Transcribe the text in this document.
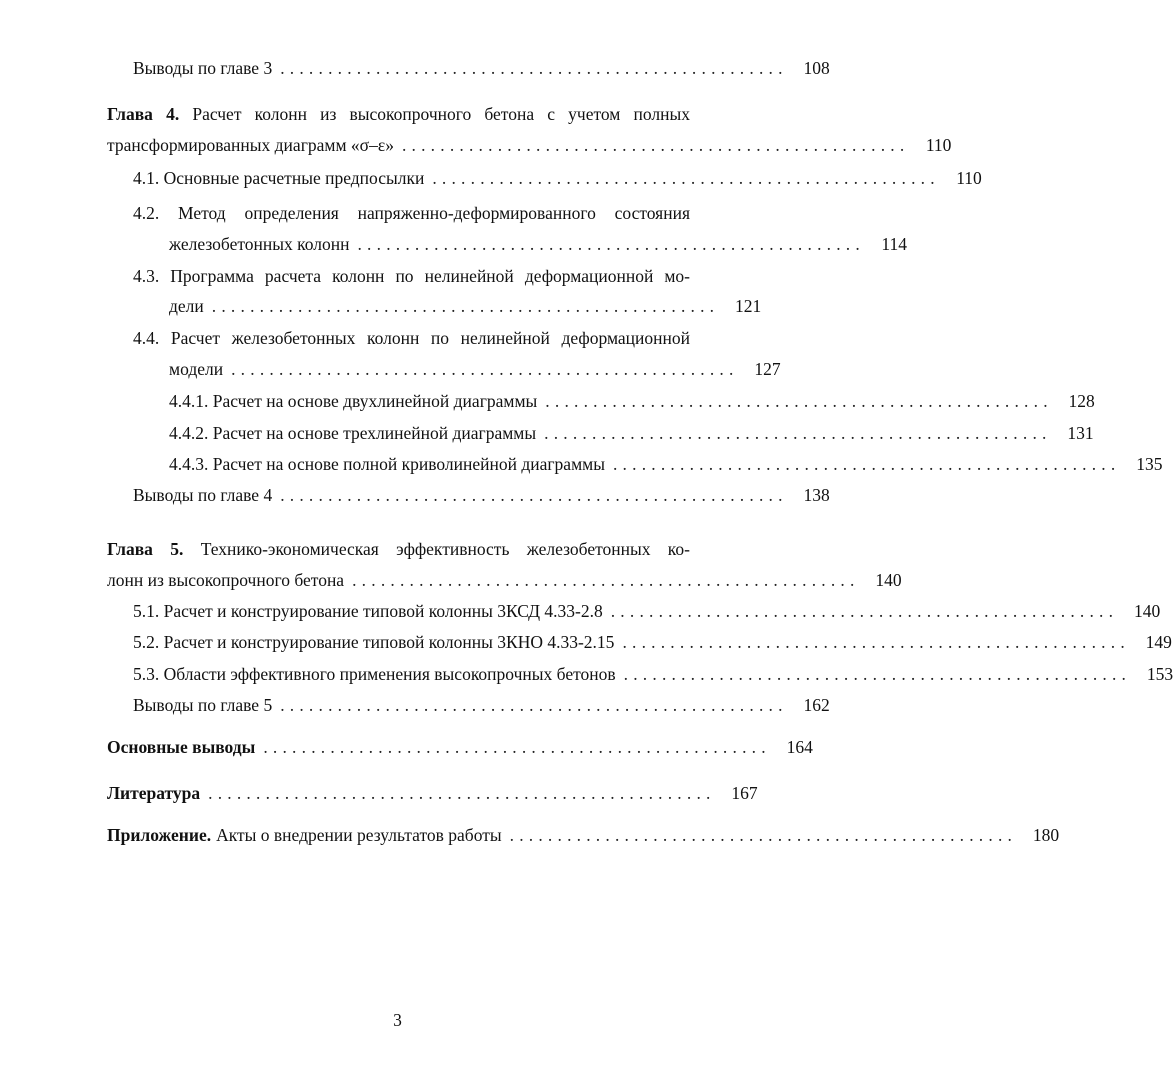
Выводы по главе 3 ..................................................... 108
Глава 4. Расчет колонн из высокопрочного бетона с учетом полных
трансформированных диаграмм «σ–ε» ..................................................... 110
4.1. Основные расчетные предпосылки ..................................................... 110
4.2. Метод определения напряженно-деформированного состояния
железобетонных колонн ..................................................... 114
4.3. Программа расчета колонн по нелинейной деформационной мо-
дели ..................................................... 121
4.4. Расчет железобетонных колонн по нелинейной деформационной
модели ..................................................... 127
4.4.1. Расчет на основе двухлинейной диаграммы ..................................................... 128
4.4.2. Расчет на основе трехлинейной диаграммы ..................................................... 131
4.4.3. Расчет на основе полной криволинейной диаграммы ..................................................... 135
Выводы по главе 4 ..................................................... 138
Глава 5. Технико-экономическая эффективность железобетонных ко-
лонн из высокопрочного бетона ..................................................... 140
5.1. Расчет и конструирование типовой колонны 3КСД 4.33-2.8 ..................................................... 140
5.2. Расчет и конструирование типовой колонны 3КНО 4.33-2.15 ..................................................... 149
5.3. Области эффективного применения высокопрочных бетонов ..................................................... 153
Выводы по главе 5 ..................................................... 162
Основные выводы ..................................................... 164
Литература ..................................................... 167
Приложение. Акты о внедрении результатов работы ..................................................... 180
3
